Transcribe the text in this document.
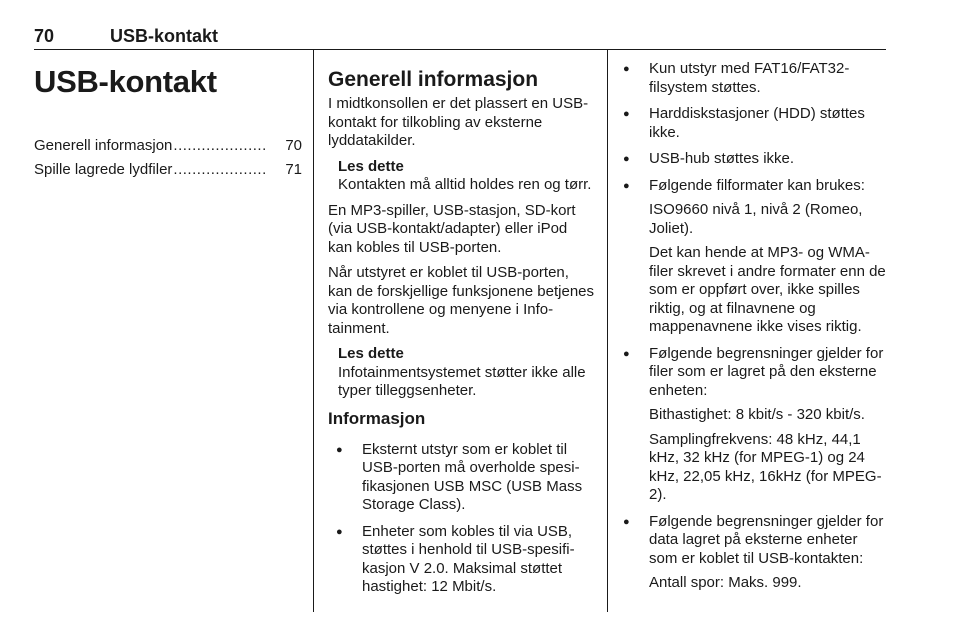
70	USB-kontakt
USB-kontakt
Generell informasjon ....................	70
Spille lagrede lydfiler ....................	71
Generell informasjon

I midtkonsollen er det plassert en USB-kontakt for tilkobling av eksterne lyddatakilder.

Les dette
Kontakten må alltid holdes ren og tørr.

En MP3-spiller, USB-stasjon, SD-kort (via USB-kontakt/adapter) eller iPod kan kobles til USB-porten.

Når utstyret er koblet til USB-porten, kan de forskjellige funksjonene betjenes via kontrollene og menyene i Infotainment.

Les dette
Infotainmentsystemet støtter ikke alle typer tilleggsenheter.
Informasjon
● Eksternt utstyr som er koblet til USB-porten må overholde spesifikasjonen USB MSC (USB Mass Storage Class).
● Enheter som kobles til via USB, støttes i henhold til USB-spesifikasjon V 2.0. Maksimal støttet hastighet: 12 Mbit/s.
● Kun utstyr med FAT16/FAT32-filsystem støttes.
● Harddiskstasjoner (HDD) støttes ikke.
● USB-hub støttes ikke.
● Følgende filformater kan brukes:
ISO9660 nivå 1, nivå 2 (Romeo, Joliet).
Det kan hende at MP3- og WMA-filer skrevet i andre formater enn de som er oppført over, ikke spilles riktig, og at filnavnene og mappenavnene ikke vises riktig.
● Følgende begrensninger gjelder for filer som er lagret på den eksterne enheten:
Bithastighet: 8 kbit/s - 320 kbit/s.
Samplingfrekvens: 48 kHz, 44,1 kHz, 32 kHz (for MPEG-1) og 24 kHz, 22,05 kHz, 16kHz (for MPEG-2).
● Følgende begrensninger gjelder for data lagret på eksterne enheter som er koblet til USB-kontakten:
Antall spor: Maks. 999.
